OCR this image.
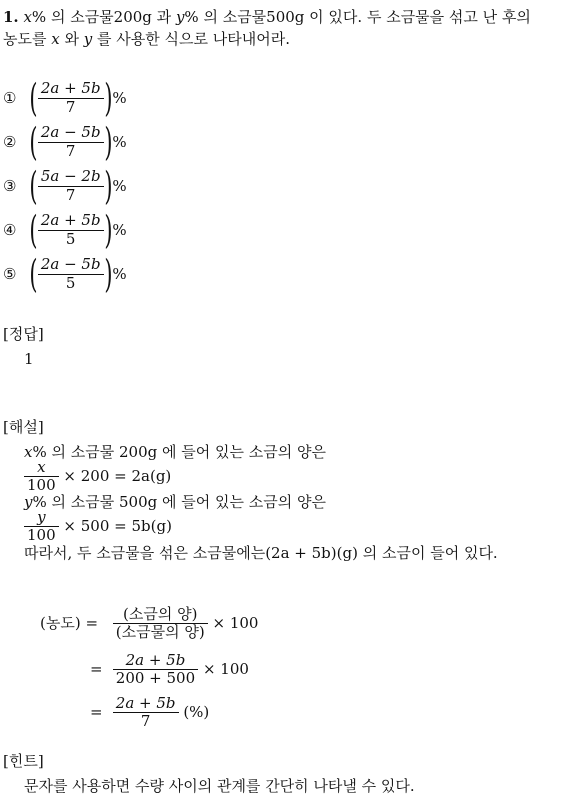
1. x% 의 소금물200g 과 y% 의 소금물500g 이 있다. 두 소금물을 섞고 난 후의
농도를 x 와 y 를 사용한 식으로 나타내어라.
① ( $\frac{2a + 5b}{7}$ ) %
② ( $\frac{2a - 5b}{7}$ ) %
③ ( $\frac{5a - 2b}{7}$ ) %
④ ( $\frac{2a + 5b}{5}$ ) %
⑤ ( $\frac{2a - 5b}{5}$ ) %
[정답]
1
[해설]
x% 의 소금물 200g 에 들어 있는 소금의 양은
$\frac{x}{100} \times 200 = 2a(g)$
y% 의 소금물 500g 에 들어 있는 소금의 양은
$\frac{y}{100} \times 500 = 5b(g)$
따라서, 두 소금물을 섞은 소금물에는(2a + 5b)(g) 의 소금이 들어 있다.
(농도) = $\frac{\text{(소금의 양)}}{\text{(소금물의 양)}} \times 100$
= $\frac{2a + 5b}{200 + 500} \times 100$
= $\frac{2a + 5b}{7}$ (%)
[힌트]
문자를 사용하면 수량 사이의 관계를 간단히 나타낼 수 있다.
